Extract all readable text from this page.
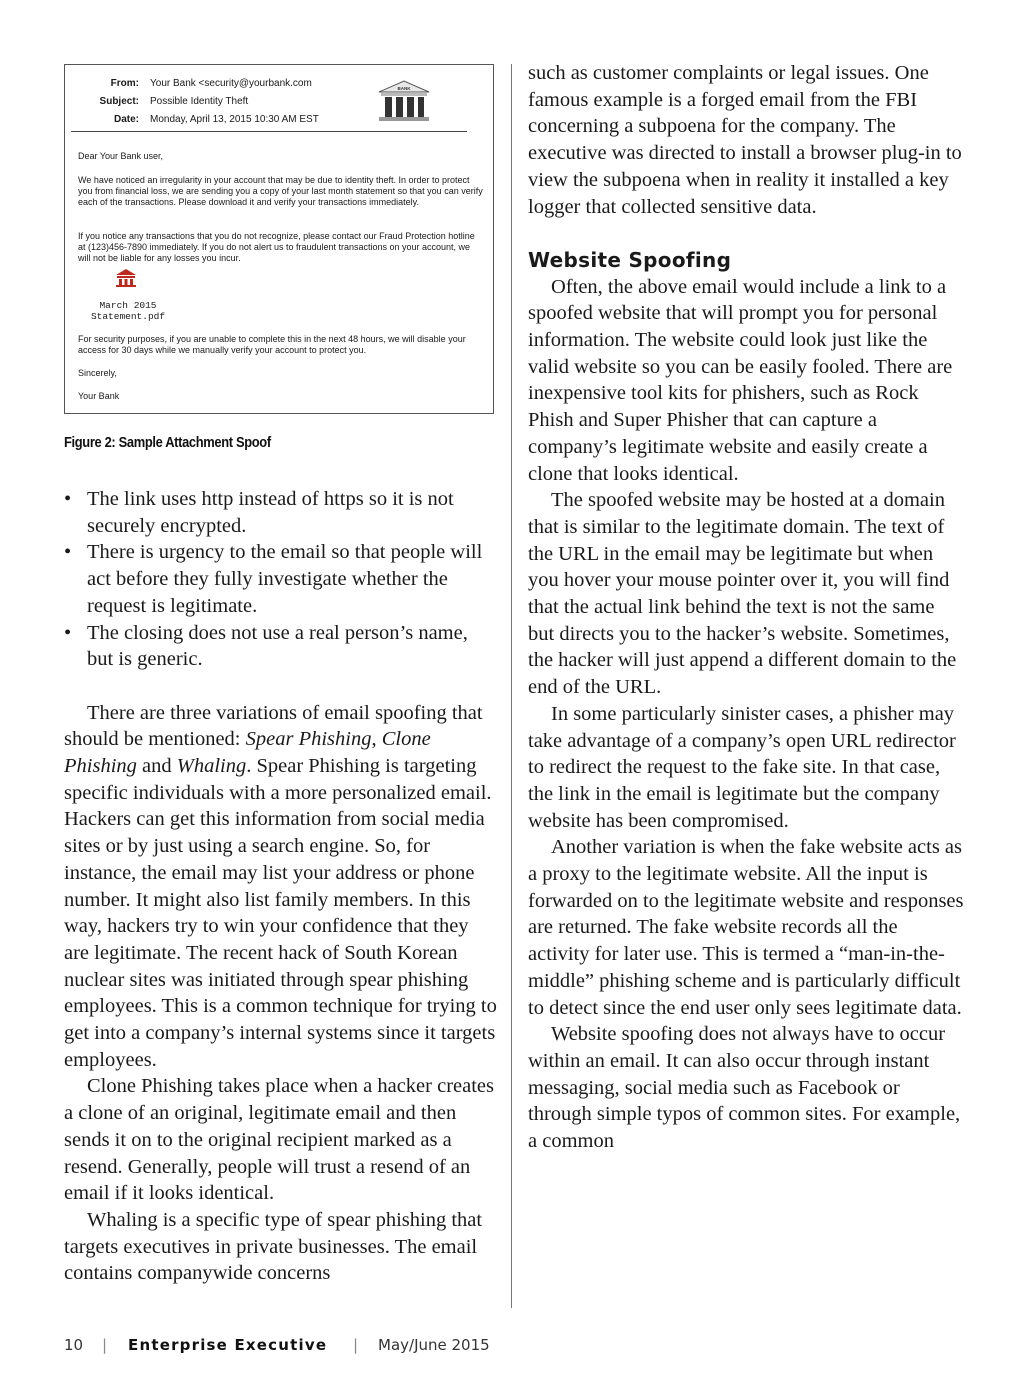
From: Your Bank <security@yourbank.com
Subject: Possible Identity Theft
Date: Monday, April 13, 2015 10:30 AM EST
BANK

Dear Your Bank user,

We have noticed an irregularity in your account that may be due to identity theft. In order to protect you from financial loss, we are sending you a copy of your last month statement so that you can verify each of the transactions. Please download it and verify your transactions immediately.

If you notice any transactions that you do not recognize, please contact our Fraud Protection hotline at (123)456-7890 immediately. If you do not alert us to fraudulent transactions on your account, we will not be liable for any losses you incur.

March 2015
Statement.pdf

For security purposes, if you are unable to complete this in the next 48 hours, we will disable your access for 30 days while we manually verify your account to protect you.

Sincerely,

Your Bank

Figure 2: Sample Attachment Spoof
• The link uses http instead of https so it is not securely encrypted.
• There is urgency to the email so that people will act before they fully investigate whether the request is legitimate.
• The closing does not use a real person’s name, but is generic.

There are three variations of email spoofing that should be mentioned: Spear Phishing, Clone Phishing and Whaling. Spear Phishing is targeting specific individuals with a more personalized email. Hackers can get this information from social media sites or by just using a search engine. So, for instance, the email may list your address or phone number. It might also list family members. In this way, hackers try to win your confidence that they are legitimate. The recent hack of South Korean nuclear sites was initiated through spear phishing employees. This is a common technique for trying to get into a company’s internal systems since it targets employees.

Clone Phishing takes place when a hacker creates a clone of an original, legitimate email and then sends it on to the original recipient marked as a resend. Generally, people will trust a resend of an email if it looks identical.

Whaling is a specific type of spear phishing that targets executives in private businesses. The email contains companywide concerns

such as customer complaints or legal issues. One famous example is a forged email from the FBI concerning a subpoena for the company. The executive was directed to install a browser plug-in to view the subpoena when in reality it installed a key logger that collected sensitive data.

Website Spoofing

Often, the above email would include a link to a spoofed website that will prompt you for personal information. The website could look just like the valid website so you can be easily fooled. There are inexpensive tool kits for phishers, such as Rock Phish and Super Phisher that can capture a company’s legitimate website and easily create a clone that looks identical.

The spoofed website may be hosted at a domain that is similar to the legitimate domain. The text of the URL in the email may be legitimate but when you hover your mouse pointer over it, you will find that the actual link behind the text is not the same but directs you to the hacker’s website. Sometimes, the hacker will just append a different domain to the end of the URL.

In some particularly sinister cases, a phisher may take advantage of a company’s open URL redirector to redirect the request to the fake site. In that case, the link in the email is legitimate but the company website has been compromised.

Another variation is when the fake website acts as a proxy to the legitimate website. All the input is forwarded on to the legitimate website and responses are returned. The fake website records all the activity for later use. This is termed a “man-in-the-middle” phishing scheme and is particularly difficult to detect since the end user only sees legitimate data.

Website spoofing does not always have to occur within an email. It can also occur through instant messaging, social media such as Facebook or through simple typos of common sites. For example, a common

10 | Enterprise Executive | May/June 2015
